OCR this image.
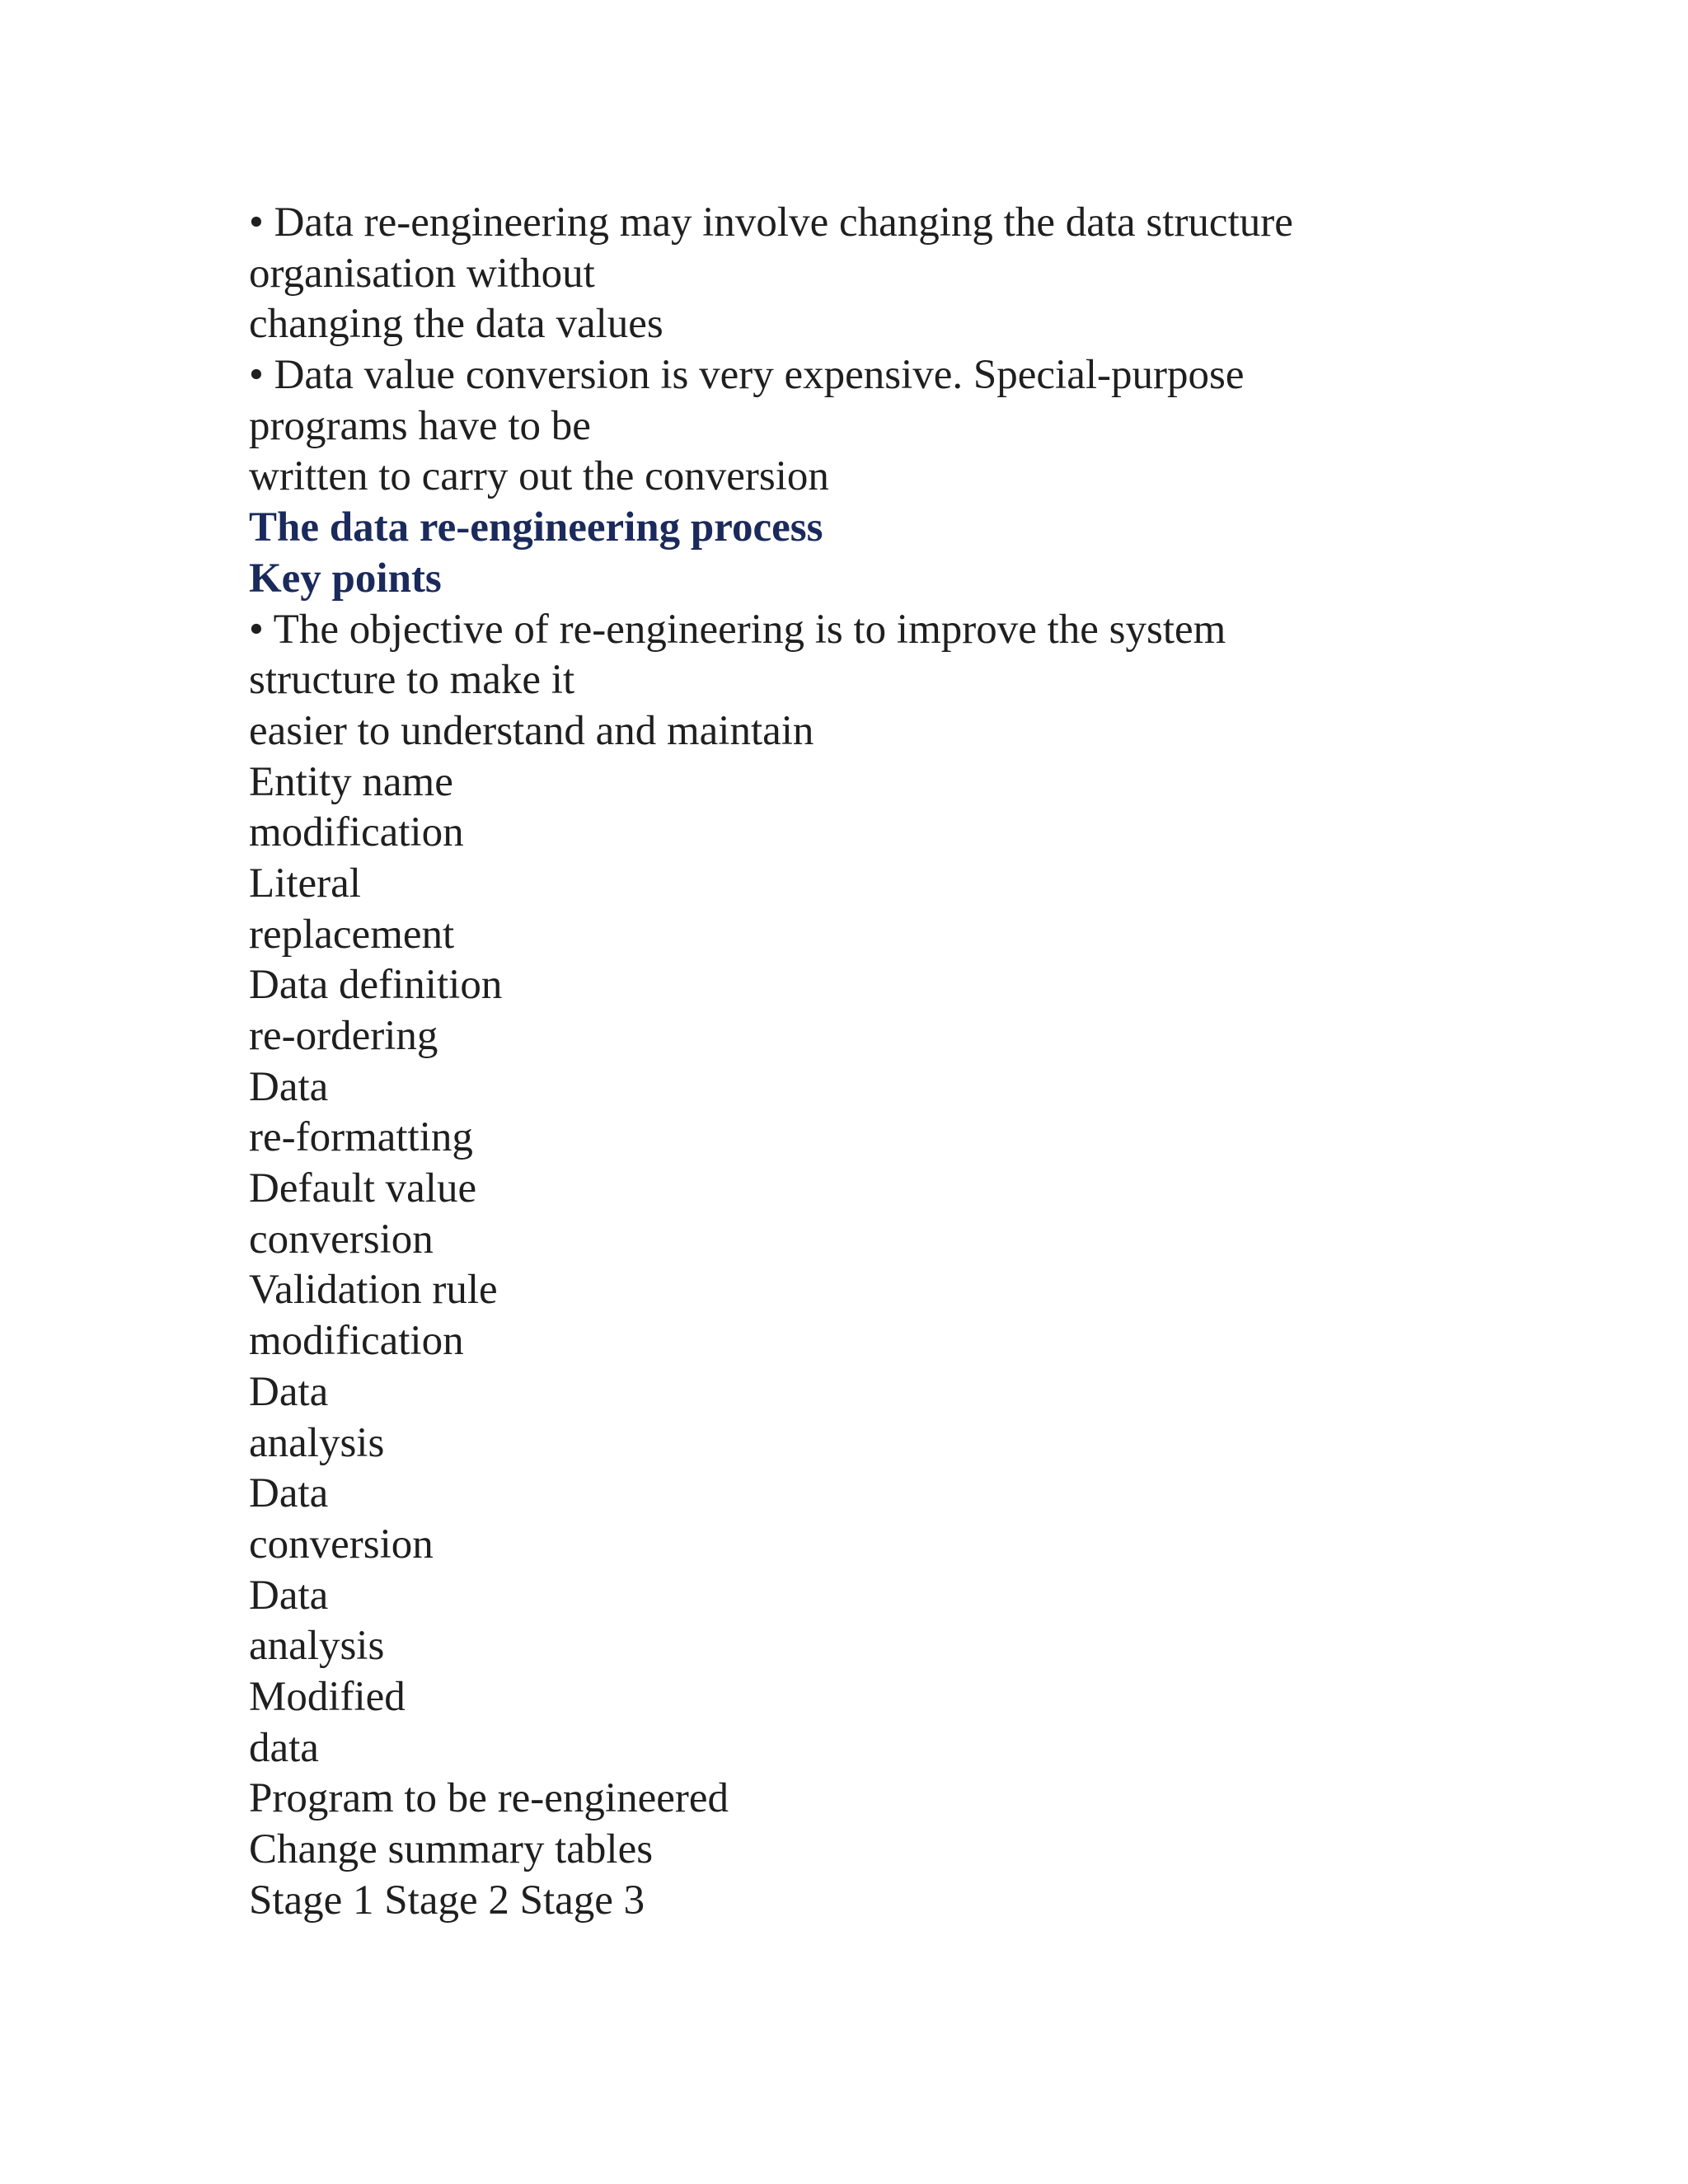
• Data re-engineering may involve changing the data structure
organisation without
changing the data values
• Data value conversion is very expensive. Special-purpose
programs have to be
written to carry out the conversion
The data re-engineering process
Key points
• The objective of re-engineering is to improve the system
structure to make it
easier to understand and maintain
Entity name
modification
Literal
replacement
Data definition
re-ordering
Data
re-formatting
Default value
conversion
Validation rule
modification
Data
analysis
Data
conversion
Data
analysis
Modified
data
Program to be re-engineered
Change summary tables
Stage 1 Stage 2 Stage 3
